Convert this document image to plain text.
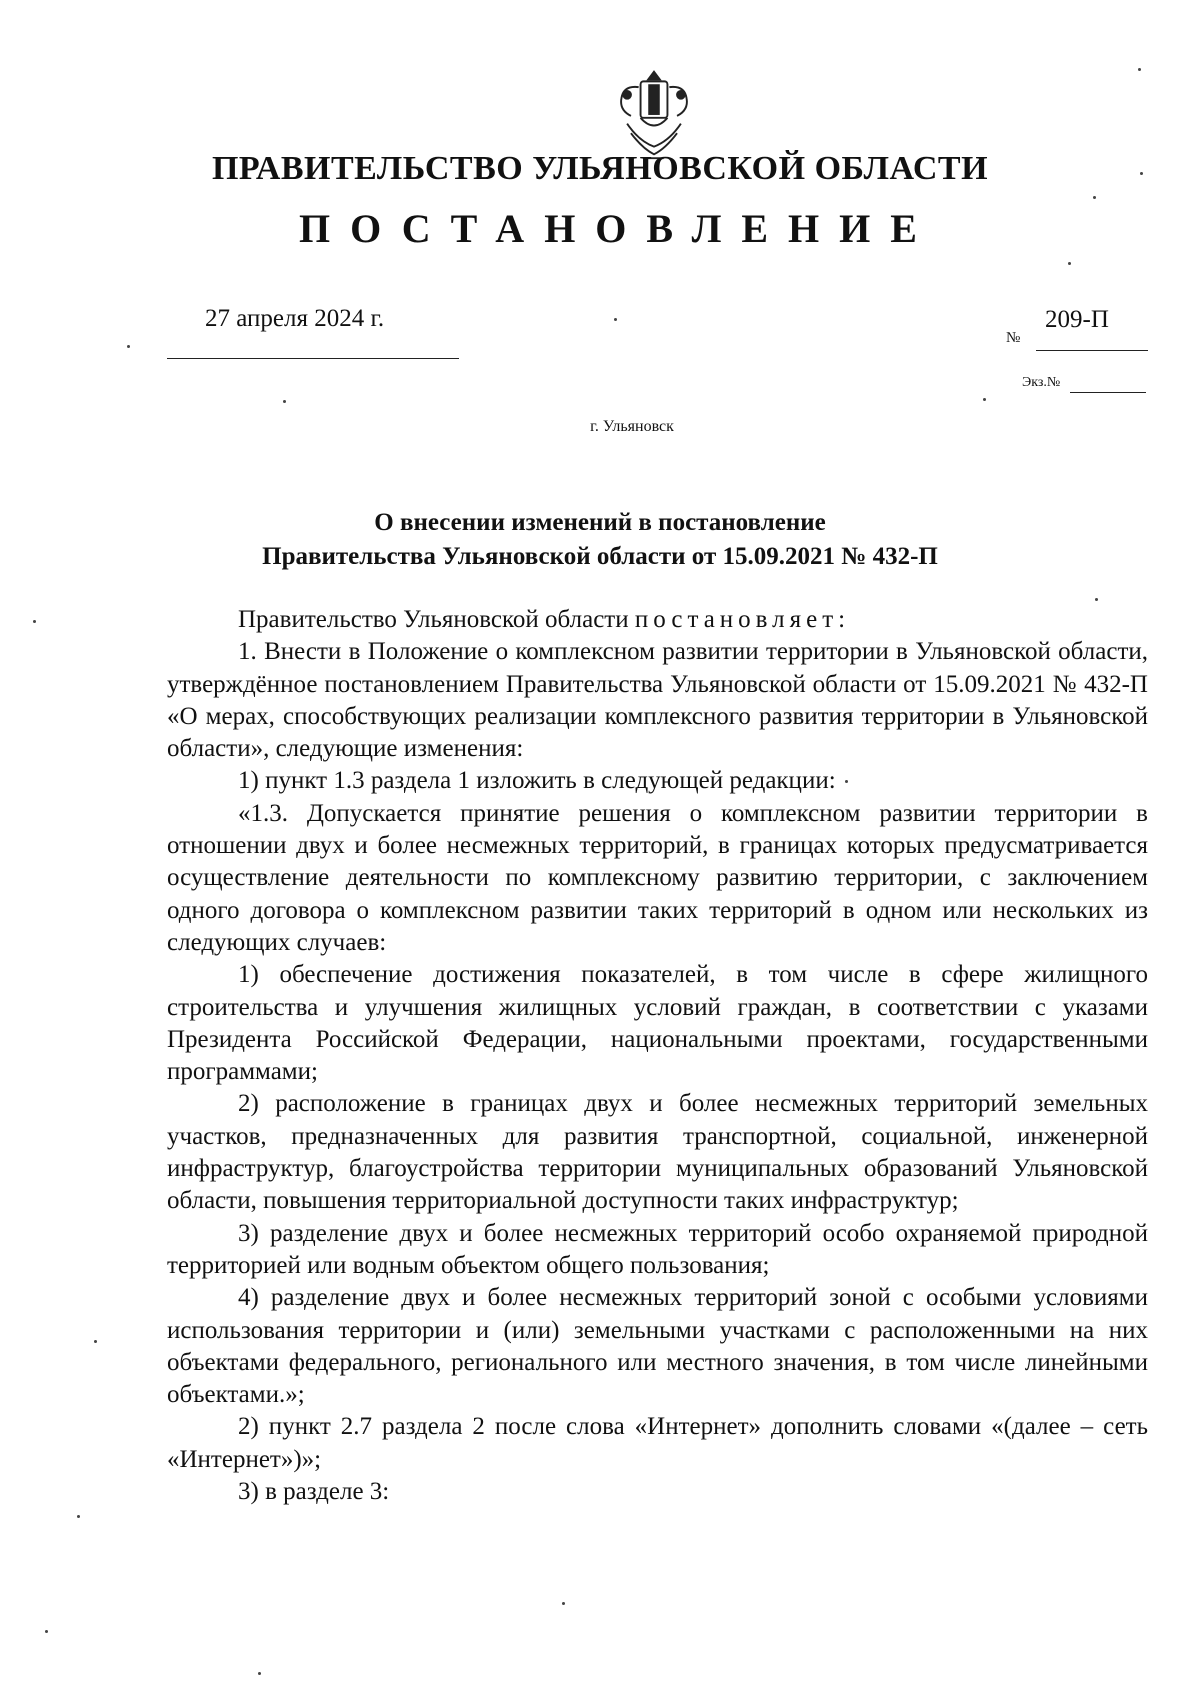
ПРАВИТЕЛЬСТВО УЛЬЯНОВСКОЙ ОБЛАСТИ
ПОСТАНОВЛЕНИЕ
27 апреля 2024 г.
№
209-П
Экз.№
г. Ульяновск
О внесении изменений в постановление
Правительства Ульяновской области от 15.09.2021 № 432-П

Правительство Ульяновской области постановляет:

1. Внести в Положение о комплексном развитии территории в Ульяновской области, утверждённое постановлением Правительства Ульяновской области от 15.09.2021 № 432-П «О мерах, способствующих реализации комплексного развития территории в Ульяновской области», следующие изменения:

1) пункт 1.3 раздела 1 изложить в следующей редакции:

«1.3. Допускается принятие решения о комплексном развитии территории в отношении двух и более несмежных территорий, в границах которых предусматривается осуществление деятельности по комплексному развитию территории, с заключением одного договора о комплексном развитии таких территорий в одном или нескольких из следующих случаев:

1) обеспечение достижения показателей, в том числе в сфере жилищного строительства и улучшения жилищных условий граждан, в соответствии с указами Президента Российской Федерации, национальными проектами, государственными программами;

2) расположение в границах двух и более несмежных территорий земельных участков, предназначенных для развития транспортной, социальной, инженерной инфраструктур, благоустройства территории муниципальных образований Ульяновской области, повышения территориальной доступности таких инфраструктур;

3) разделение двух и более несмежных территорий особо охраняемой природной территорией или водным объектом общего пользования;

4) разделение двух и более несмежных территорий зоной с особыми условиями использования территории и (или) земельными участками с расположенными на них объектами федерального, регионального или местного значения, в том числе линейными объектами.»;

2) пункт 2.7 раздела 2 после слова «Интернет» дополнить словами «(далее – сеть «Интернет»)»;

3) в разделе 3:
